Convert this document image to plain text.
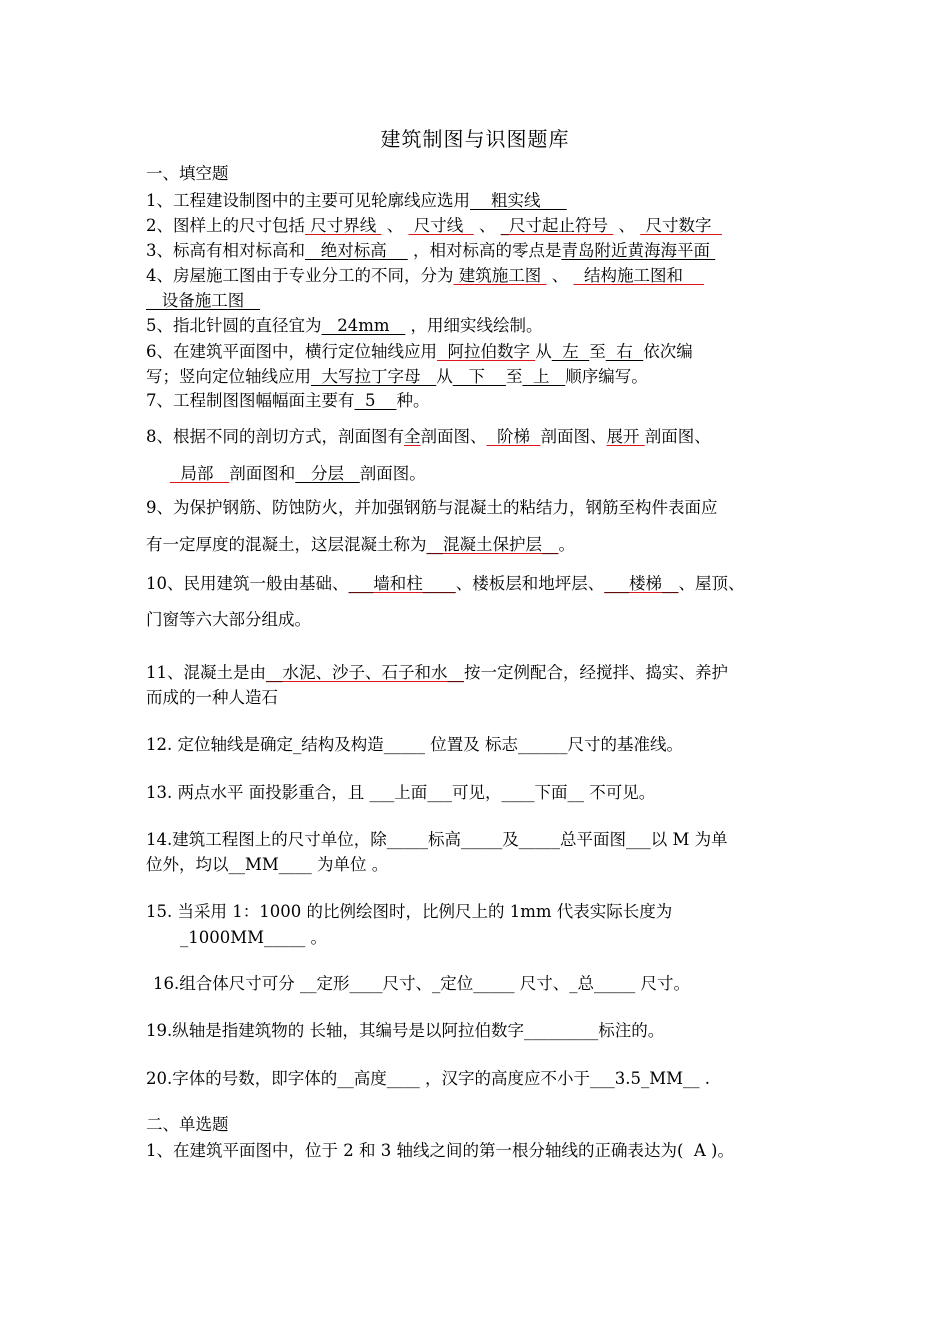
建筑制图与识图题库
一、填空题
1、工程建设制图中的主要可见轮廓线应选用    粗实线
2、图样上的尺寸包括 尺寸界线  、  尺寸线   、 _尺寸起止符号  、  尺寸数字
3、标高有相对标高和   绝对标高     ，相对标高的零点是青岛附近黄海海平面
4、房屋施工图由于专业分工的不同，分为 建筑施工图  、   结构施工图和
设备施工图
5、指北针圆的直径宜为   24mm    ，用细实线绘制。
6、在建筑平面图中，横行定位轴线应用  阿拉伯数字 从  左  至  右  依次编
写；竖向定位轴线应用  大写拉丁字母   从   下    至  上   顺序编写。
7、工程制图图幅幅面主要有  5    种。
8、根据不同的剖切方式，剖面图有全剖面图、  阶梯  剖面图、展开 剖面图、
局部   剖面图和   分层   剖面图。
9、为保护钢筋、防蚀防火，并加强钢筋与混凝土的粘结力，钢筋至构件表面应
有一定厚度的混凝土，这层混凝土称为__混凝土保护层__。
10、民用建筑一般由基础、___墙和柱____、楼板层和地坪层、___楼梯__、屋顶、
门窗等六大部分组成。
11、混凝土是由__水泥、沙子、石子和水__按一定例配合，经搅拌、捣实、养护
而成的一种人造石
12. 定位轴线是确定_结构及构造_____ 位置及 标志______尺寸的基准线。
13. 两点水平 面投影重合，且 ___上面___可见，____下面__ 不可见。
14.建筑工程图上的尺寸单位，除_____标高_____及_____总平面图___以 M 为单
位外，均以__MM____ 为单位 。
15. 当采用 1：1000 的比例绘图时，比例尺上的 1mm 代表实际长度为
_1000MM_____ 。
16.组合体尺寸可分 __定形____尺寸、_定位_____ 尺寸、_总_____ 尺寸。
19.纵轴是指建筑物的 长轴，其编号是以阿拉伯数字_________标注的。
20.字体的号数，即字体的__高度____ ，汉字的高度应不小于___3.5_MM__ .
二、单选题
1、在建筑平面图中，位于 2 和 3 轴线之间的第一根分轴线的正确表达为(  A )。
